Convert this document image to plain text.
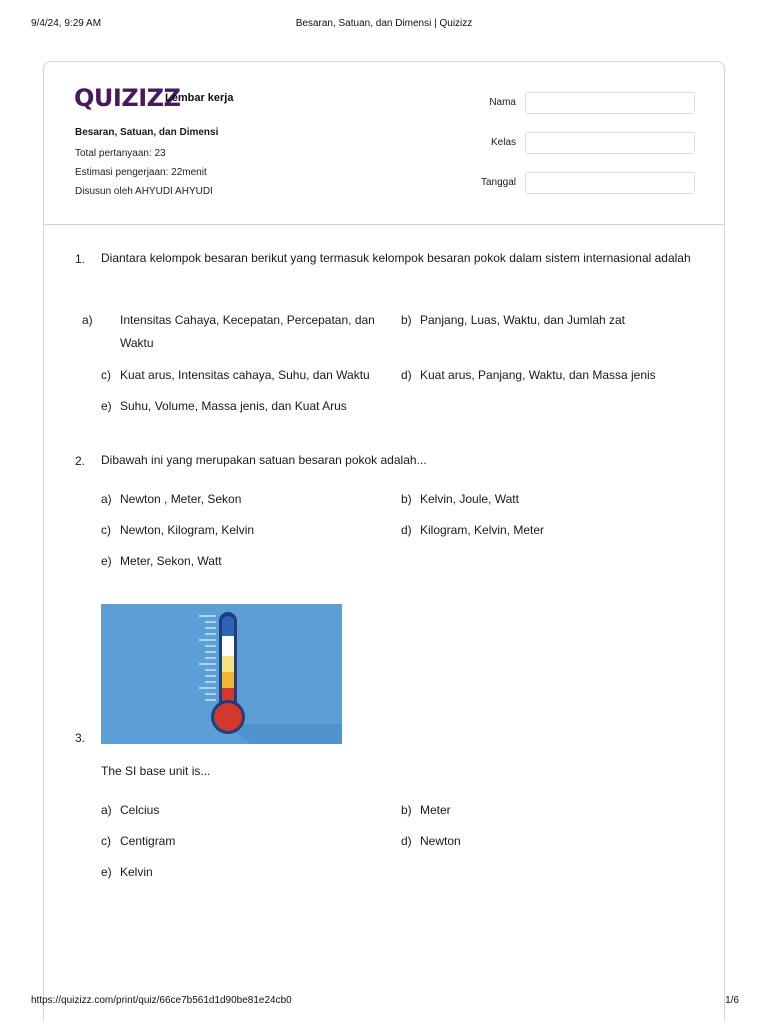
9/4/24, 9:29 AM	Besaran, Satuan, dan Dimensi | Quizizz
QUIZIZZ
Lembar kerja
Besaran, Satuan, dan Dimensi
Total pertanyaan: 23
Estimasi pengerjaan: 22menit
Disusun oleh AHYUDI AHYUDI
Nama
Kelas
Tanggal
1. Diantara kelompok besaran berikut yang termasuk kelompok besaran pokok dalam sistem internasional adalah
a) Intensitas Cahaya, Kecepatan, Percepatan, dan Waktu
b) Panjang, Luas, Waktu, dan Jumlah zat
c) Kuat arus, Intensitas cahaya, Suhu, dan Waktu	d) Kuat arus, Panjang, Waktu, dan Massa jenis
e) Suhu, Volume, Massa jenis, dan Kuat Arus
2. Dibawah ini yang merupakan satuan besaran pokok adalah...
a) Newton , Meter, Sekon	b) Kelvin, Joule, Watt
c) Newton, Kilogram, Kelvin	d) Kilogram, Kelvin, Meter
e) Meter, Sekon, Watt
3.
The SI base unit is...
a) Celcius	b) Meter
c) Centigram	d) Newton
e) Kelvin
https://quizizz.com/print/quiz/66ce7b561d1d90be81e24cb0	1/6
